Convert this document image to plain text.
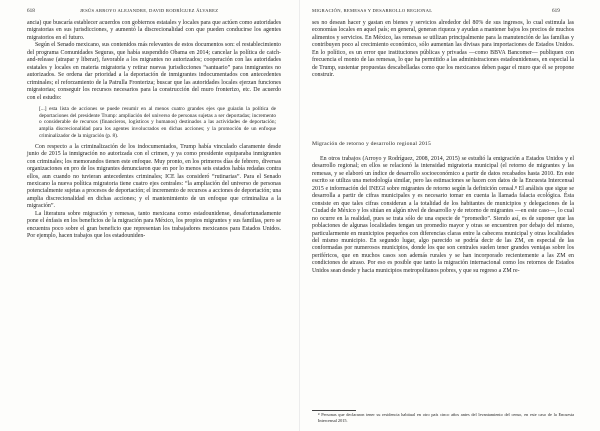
618	JESÚS ARROYO ALEJANDRE, DAVID RODRÍGUEZ ÁLVAREZ

ancia) que buscaría establecer acuerdos con gobiernos estatales y locales para que actúen como autoridades migratorias en sus jurisdicciones, y aumentó la discrecionalidad con que pueden conducirse los agentes migratorios en el futuro.

Según el Senado mexicano, sus contenidos más relevantes de estos documentos son: el restablecimiento del programa Comunidades Seguras, que había suspendido Obama en 2014; cancelar la política de catch-and-release (atrapar y liberar), favorable a los migrantes no autorizados; cooperación con las autoridades estatales y locales en materia migratoria y retirar nuevas jurisdicciones “santuario” para inmigrantes no autorizados. Se ordena dar prioridad a la deportación de inmigrantes indocumentados con antecedentes criminales; el reforzamiento de la Patrulla Fronteriza; buscar que las autoridades locales ejerzan funciones migratorias; conseguir los recursos necesarios para la construcción del muro fronterizo, etc. De acuerdo con el estudio:

[...] esta lista de acciones se puede resumir en al menos cuatro grandes ejes que guiarán la política de deportaciones del presidente Trump: ampliación del universo de personas sujetas a ser deportadas; incremento o considerable de recursos (financieros, logísticos y humanos) destinados a las actividades de deportación; amplia discrecionalidad para los agentes involucrados en dichas acciones; y la promoción de un enfoque criminalizador de la migración (p. 8).

Con respecto a la criminalización de los indocumentados, Trump había vinculado claramente desde junio de 2015 la inmigración no autorizada con el crimen, y ya como presidente equiparaba inmigrantes con criminales; los memorandos tienen este enfoque. Muy pronto, en los primeros días de febrero, diversas organizaciones en pro de los migrantes denunciaron que en por lo menos seis estados había redadas contra ellos, aun cuando no tuvieran antecedentes criminales; ICE las consideró “rutinarias”. Para el Senado mexicano la nueva política migratoria tiene cuatro ejes centrales: “la ampliación del universo de personas potencialmente sujetas a procesos de deportación; el incremento de recursos a acciones de deportación; una amplia discrecionalidad en dichas acciones; y el mantenimiento de un enfoque que criminaliza a la migración”.

La literatura sobre migración y remesas, tanto mexicana como estadounidense, desafortunadamente pone el énfasis en los beneficios de la migración para México, los propios migrantes y sus familias, pero se encuentra poco sobre el gran beneficio que representan los trabajadores mexicanos para Estados Unidos. Por ejemplo, hacen trabajos que los estadouniden-

MIGRACIÓN, REMESAS Y DESARROLLO REGIONAL	619

ses no desean hacer y gastan en bienes y servicios alrededor del 80% de sus ingresos, lo cual estimula las economías locales en aquel país; en general, generan riqueza y ayudan a mantener bajos los precios de muchos alimentos y servicios. En México, las remesas se utilizan principalmente para la manutención de las familias y contribuyen poco al crecimiento económico, sólo aumentan las divisas para importaciones de Estados Unidos. En lo político, es un error que instituciones públicas y privadas —como BBVA Bancomer— publiquen con frecuencia el monto de las remesas, lo que ha permitido a las administraciones estadounidenses, en especial la de Trump, sustentar propuestas descabelladas como que los mexicanos deben pagar el muro que él se propone construir.

Migración de retorno y desarrollo regional 2015

En otros trabajos (Arroyo y Rodríguez, 2008, 2014, 2015) se estudió la emigración a Estados Unidos y el desarrollo regional; en ellos se relacionó la intensidad migratoria municipal (el retorno de migrantes y las remesas, y se elaboró un índice de desarrollo socioeconómico a partir de datos recabados hasta 2010. En este escrito se utiliza una metodología similar, pero las estimaciones se hacen con datos de la Encuesta Intercensal 2015 e información del INEGI sobre migrantes de retorno según la definición censal.⁸ El análisis que sigue se desarrolla a partir de cifras municipales y es necesario tomar en cuenta la llamada falacia ecológica. Ésta consiste en que tales cifras consideran a la totalidad de los habitantes de municipios y delegaciones de la Ciudad de México y los sitúan en algún nivel de desarrollo y de retorno de migrantes —en este caso—, lo cual no ocurre en la realidad, pues se trata sólo de una especie de “promedio”. Siendo así, es de suponer que las poblaciones de algunas localidades tengan un promedio mayor y otras se encuentren por debajo del mismo, particularmente en municipios pequeños con diferencias claras entre la cabecera municipal y otras localidades del mismo municipio. En segundo lugar, algo parecido se podría decir de las ZM, en especial de las conformadas por numerosos municipios, donde los que son centrales suelen tener grandes ventajas sobre los periféricos, que en muchos casos son además rurales y se han incorporado recientemente a las ZM en condiciones de atraso. Por eso es posible que tanto la migración internacional como los retornos de Estados Unidos sean desde y hacia municipios metropolitanos pobres, y que su regreso a ZM re-

⁸ Personas que declararon tener su residencia habitual en otro país cinco años antes del levantamiento del censo, en este caso de la Encuesta Intercensal 2015.
